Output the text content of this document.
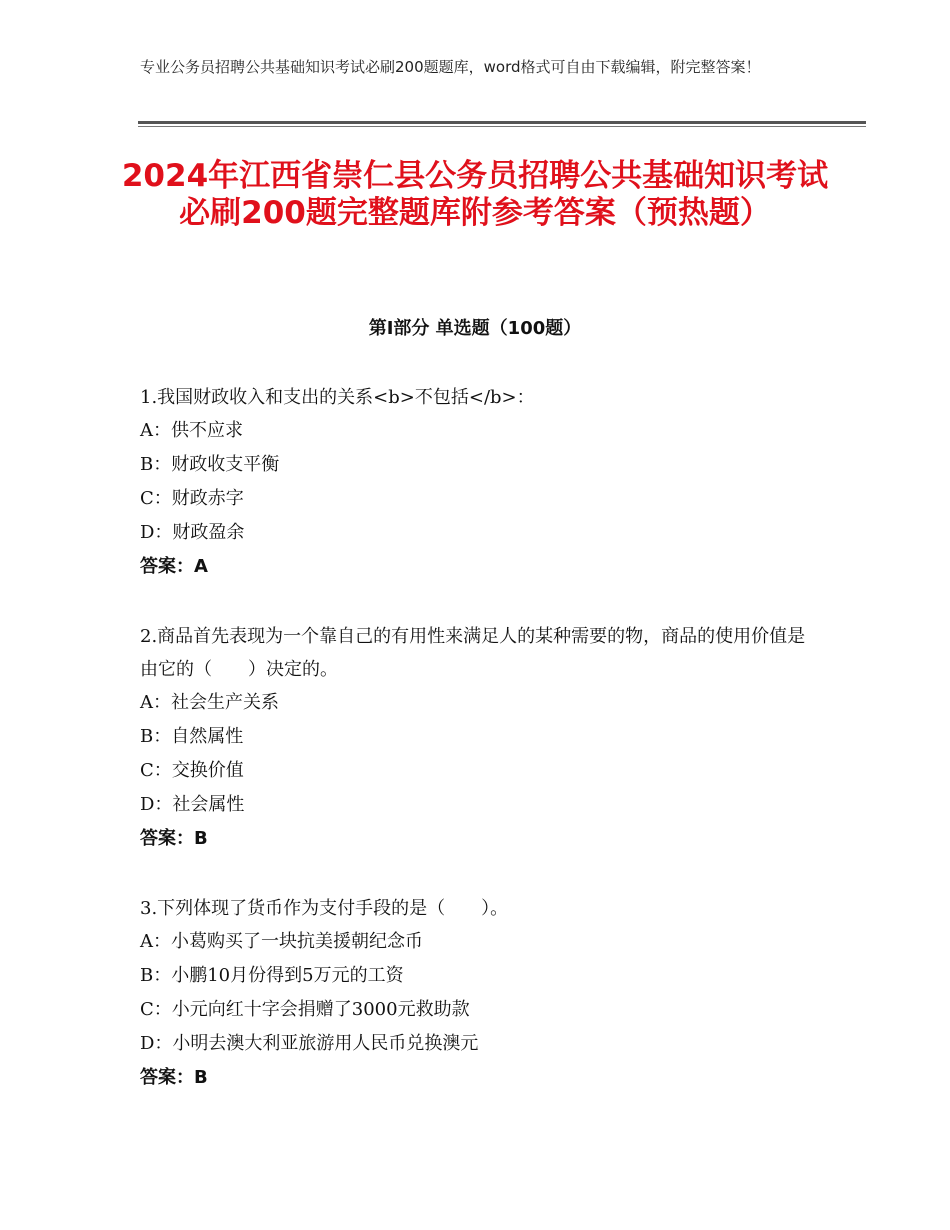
专业公务员招聘公共基础知识考试必刷200题题库，word格式可自由下载编辑，附完整答案！
2024年江西省崇仁县公务员招聘公共基础知识考试必刷200题完整题库附参考答案（预热题）
第Ⅰ部分 单选题（100题）

1.我国财政收入和支出的关系<b>不包括</b>：

A：供不应求

B：财政收支平衡

C：财政赤字

D：财政盈余

答案：A

2.商品首先表现为一个靠自己的有用性来满足人的某种需要的物，商品的使用价值是由它的（　　）决定的。

A：社会生产关系

B：自然属性

C：交换价值

D：社会属性

答案：B

3.下列体现了货币作为支付手段的是（　　）。

A：小葛购买了一块抗美援朝纪念币

B：小鹏10月份得到5万元的工资

C：小元向红十字会捐赠了3000元救助款

D：小明去澳大利亚旅游用人民币兑换澳元

答案：B
